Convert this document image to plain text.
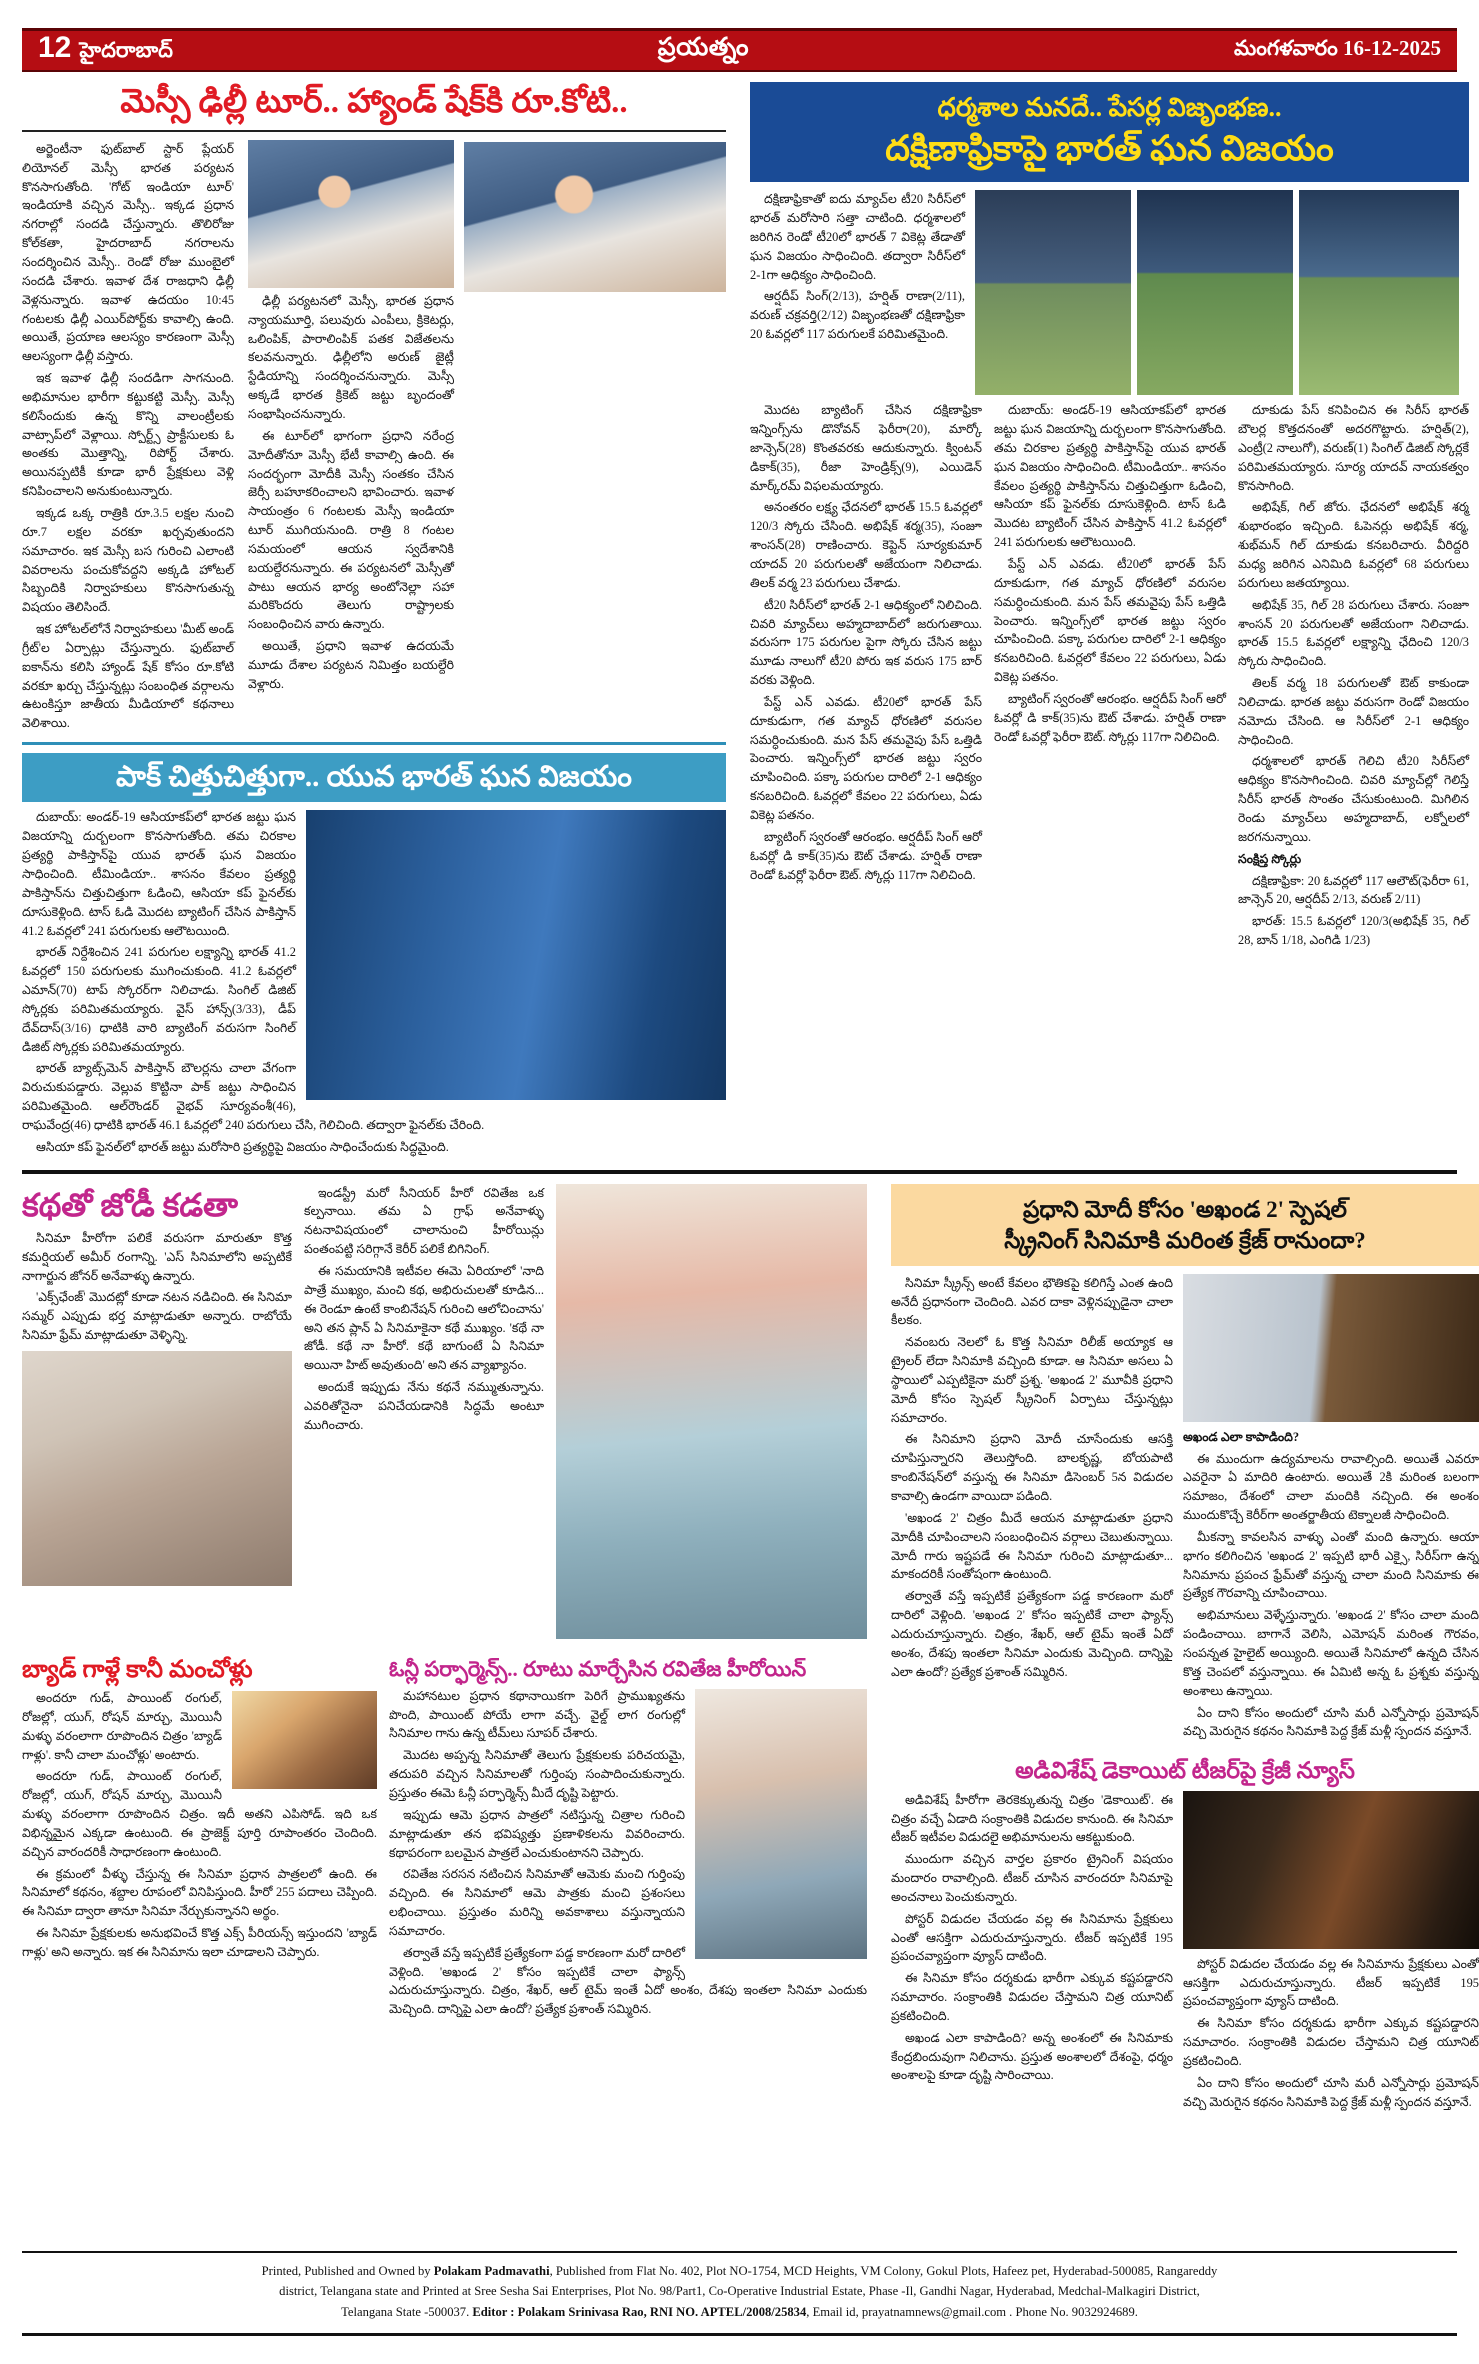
12 హైదరాబాద్	ప్రయత్నం	మంగళవారం 16-12-2025
మెస్సీ ఢిల్లీ టూర్.. హ్యాండ్ షేక్‌కి రూ.కోటి..

అర్జెంటీనా ఫుట్‌బాల్ స్టార్ ప్లేయర్ లియోనల్ మెస్సీ భారత పర్యటన కొనసాగుతోంది. 'గోట్ ఇండియా టూర్' ఇండియాకి వచ్చిన మెస్సీ.. ఇక్కడ ప్రధాన నగరాల్లో సందడి చేస్తున్నారు. తొలిరోజు కోల్‌కతా, హైదరాబాద్ నగరాలను సందర్శించిన మెస్సీ.. రెండో రోజు ముంబైలో సందడి చేశారు. ఇవాళ దేశ రాజధాని ఢిల్లీ వెళ్లనున్నారు. ఇవాళ ఉదయం 10:45 గంటలకు ఢిల్లీ ఎయిర్‌పోర్ట్‌కు కావాల్సి ఉంది. అయితే, ప్రయాణ ఆలస్యం కారణంగా మెస్సీ ఆలస్యంగా ఢిల్లీ వస్తారు.

ఇక ఇవాళ ఢిల్లీ సందడిగా సాగనుంది. అభిమానుల భారీగా కట్టుకట్టి మెస్సీ. మెస్సీ కలిసేందుకు ఉన్న కొన్ని వాలంట్రీలకు వాట్సాప్‌లో వెళ్లాయి. స్పోర్ట్స్ ప్రాక్టీసులకు ఓ అంతకు మొత్తాన్ని, రిపోర్ట్ చేశారు. అయినప్పటికీ కూడా భారీ ప్రేక్షకులు వెళ్లి కనిపించాలని అనుకుంటున్నారు.

ఇక్కడ ఒక్క రాత్రికి రూ.3.5 లక్షల నుంచి రూ.7 లక్షల వరకూ ఖర్చవుతుందని సమాచారం. ఇక మెస్సీ బస గురించి ఎలాంటి వివరాలను పంచుకోవద్దని అక్కడి హోటల్ సిబ్బందికి నిర్వాహకులు కొనసాగుతున్న విషయం తెలిసిందే.

ఇక హోటల్‌లోనే నిర్వాహకులు 'మీట్ అండ్ గ్రీట్‌'ల ఏర్పాట్లు చేస్తున్నారు. ఫుట్‌బాల్ ఐకాన్‌ను కలిసి హ్యాండ్ షేక్ కోసం రూ.కోటి వరకూ ఖర్చు చేస్తున్నట్లు సంబంధిత వర్గాలను ఉటంకిస్తూ జాతీయ మీడియాలో కథనాలు వెలిశాయి.

ఢిల్లీ పర్యటనలో మెస్సీ, భారత ప్రధాన న్యాయమూర్తి, పలువురు ఎంపీలు, క్రికెటర్లు, ఒలింపిక్, పారాలింపిక్ పతక విజేతలను కలవనున్నారు. ఢిల్లీలోని అరుణ్ జైట్లీ స్టేడియాన్ని సందర్శించనున్నారు. మెస్సీ అక్కడే భారత క్రికెట్ జట్టు బృందంతో సంభాషించనున్నారు.

ఈ టూర్‌లో భాగంగా ప్రధాని నరేంద్ర మోదీతోనూ మెస్సీ భేటీ కావాల్సి ఉంది. ఈ సందర్భంగా మోదీకి మెస్సీ సంతకం చేసిన జెర్సీ బహూకరించాలని భావించారు. ఇవాళ సాయంత్రం 6 గంటలకు మెస్సీ ఇండియా టూర్ ముగియనుంది. రాత్రి 8 గంటల సమయంలో ఆయన స్వదేశానికి బయల్దేరనున్నారు. ఈ పర్యటనలో మెస్సీతో పాటు ఆయన భార్య అంటోనెల్లా సహా మరికొందరు తెలుగు రాష్ట్రాలకు సంబంధించిన వారు ఉన్నారు.

అయితే, ప్రధాని ఇవాళ ఉదయమే మూడు దేశాల పర్యటన నిమిత్తం బయల్దేరి వెళ్లారు.

పాక్ చిత్తుచిత్తుగా.. యువ భారత్ ఘన విజయం

దుబాయ్: అండర్-19 ఆసియాకప్‌లో భారత జట్టు ఘన విజయాన్ని దుర్బలంగా కొనసాగుతోంది. తమ చిరకాల ప్రత్యర్థి పాకిస్తాన్‌పై యువ భారత్ ఘన విజయం సాధించింది. టీమిండియా.. శాసనం కేవలం ప్రత్యర్థి పాకిస్తాన్‌ను చిత్తుచిత్తుగా ఓడించి, ఆసియా కప్ ఫైనల్‌కు దూసుకెళ్లింది. టాస్ ఓడి మొదట బ్యాటింగ్ చేసిన పాకిస్తాన్ 41.2 ఓవర్లలో 241 పరుగులకు ఆలౌటయింది.

భారత్ నిర్దేశించిన 241 పరుగుల లక్ష్యాన్ని భారత్ 41.2 ఓవర్లలో 150 పరుగులకు ముగించుకుంది. 41.2 ఓవర్లలో ఎమాన్(70) టాప్ స్కోరర్‌గా నిలిచాడు. సింగిల్ డిజిట్ స్కోర్లకు పరిమితమయ్యారు. వైస్ హాన్స్(3/33), డీప్ దేవ్‌దాస్(3/16) ధాటికి వారి బ్యాటింగ్ వరుసగా సింగిల్ డిజిట్ స్కోర్లకు పరిమితమయ్యారు.

భారత్ బ్యాట్స్‌మెన్ పాకిస్తాన్ బౌలర్లను చాలా వేగంగా విరుచుకుపడ్డారు. వెల్లువ కొట్టినా పాక్ జట్టు సాధించిన పరిమితమైంది. ఆల్‌రౌండర్ వైభవ్ సూర్యవంశీ(46), రాఘవేంద్ర(46) ధాటికి భారత్ 46.1 ఓవర్లలో 240 పరుగులు చేసి, గెలిచింది. తద్వారా ఫైనల్‌కు చేరింది.

ఆసియా కప్ ఫైనల్‌లో భారత్ జట్టు మరోసారి ప్రత్యర్థిపై విజయం సాధించేందుకు సిద్ధమైంది.

ధర్మశాల మనదే.. పేసర్ల విజృంభణ..
దక్షిణాఫ్రికాపై భారత్ ఘన విజయం

దక్షిణాఫ్రికాతో ఐదు మ్యాచ్‌ల టీ20 సిరీస్‌లో భారత్ మరోసారి సత్తా చాటింది. ధర్మశాలలో జరిగిన రెండో టీ20లో భారత్ 7 వికెట్ల తేడాతో ఘన విజయం సాధించింది. తద్వారా సిరీస్‌లో 2-1గా ఆధిక్యం సాధించింది.

ఆర్షదీప్ సింగ్(2/13), హర్షిత్ రాణా(2/11), వరుణ్ చక్రవర్తి(2/12) విజృంభణతో దక్షిణాఫ్రికా 20 ఓవర్లలో 117 పరుగులకే పరిమితమైంది.

మొదట బ్యాటింగ్ చేసిన దక్షిణాఫ్రికా ఇన్నింగ్స్‌ను డొనోవన్ ఫెరీరా(20), మార్కో జాన్సెన్(28) కొంతవరకు ఆదుకున్నారు. క్వింటన్ డికాక్(35), రీజా హెండ్రిక్స్(9), ఎయిడెన్ మార్క్‌రమ్ విఫలమయ్యారు.

అనంతరం లక్ష్య ఛేదనలో భారత్ 15.5 ఓవర్లలో 120/3 స్కోరు చేసింది. అభిషేక్ శర్మ(35), సంజూ శాంసన్(28) రాణించారు. కెప్టెన్ సూర్యకుమార్ యాదవ్ 20 పరుగులతో అజేయంగా నిలిచాడు. తిలక్ వర్మ 23 పరుగులు చేశాడు.

టీ20 సిరీస్‌లో భారత్ 2-1 ఆధిక్యంలో నిలిచింది. చివరి మ్యాచ్‌లు అహ్మదాబాద్‌లో జరుగుతాయి. వరుసగా 175 పరుగుల పైగా స్కోరు చేసిన జట్టు మూడు నాలుగో టీ20 పోరు ఇక వరుస 175 బార్ వరకు వెళ్లింది.

పేస్ట్ ఎన్ ఎవడు. టీ20లో భారత్ పేస్ దూకుడుగా, గత మ్యాచ్ ధోరణిలో వరుసల సమర్ధించుకుంది. మన పేస్ తమవైపు పేస్ ఒత్తిడి పెంచారు. ఇన్నింగ్స్‌లో భారత జట్టు స్వరం చూపించింది. పక్కా పరుగుల దారిలో 2-1 ఆధిక్యం కనబరిచింది. ఓవర్లలో కేవలం 22 పరుగులు, ఏడు వికెట్ల పతనం.

బ్యాటింగ్ స్వరంతో ఆరంభం. ఆర్షదీప్ సింగ్ ఆరో ఓవర్లో డి కాక్(35)ను ఔట్ చేశాడు. హర్షిత్ రాణా రెండో ఓవర్లో ఫెరీరా ఔట్. స్కోర్లు 117గా నిలిచింది.

దుబాయ్: అండర్-19 ఆసియాకప్‌లో భారత జట్టు ఘన విజయాన్ని దుర్బలంగా కొనసాగుతోంది. తమ చిరకాల ప్రత్యర్థి పాకిస్తాన్‌పై యువ భారత్ ఘన విజయం సాధించింది. టీమిండియా.. శాసనం కేవలం ప్రత్యర్థి పాకిస్తాన్‌ను చిత్తుచిత్తుగా ఓడించి, ఆసియా కప్ ఫైనల్‌కు దూసుకెళ్లింది. టాస్ ఓడి మొదట బ్యాటింగ్ చేసిన పాకిస్తాన్ 41.2 ఓవర్లలో 241 పరుగులకు ఆలౌటయింది.

పేస్ట్ ఎన్ ఎవడు. టీ20లో భారత్ పేస్ దూకుడుగా, గత మ్యాచ్ ధోరణిలో వరుసల సమర్ధించుకుంది. మన పేస్ తమవైపు పేస్ ఒత్తిడి పెంచారు. ఇన్నింగ్స్‌లో భారత జట్టు స్వరం చూపించింది. పక్కా పరుగుల దారిలో 2-1 ఆధిక్యం కనబరిచింది. ఓవర్లలో కేవలం 22 పరుగులు, ఏడు వికెట్ల పతనం.

బ్యాటింగ్ స్వరంతో ఆరంభం. ఆర్షదీప్ సింగ్ ఆరో ఓవర్లో డి కాక్(35)ను ఔట్ చేశాడు. హర్షిత్ రాణా రెండో ఓవర్లో ఫెరీరా ఔట్. స్కోర్లు 117గా నిలిచింది.

దూకుడు పేస్ కనిపించిన ఈ సిరీస్ భారత్ బౌలర్ల కొత్తదనంతో అదరగొట్టారు. హర్షిత్(2), ఎంట్రీ(2 నాలుగో), వరుణ్(1) సింగిల్ డిజిట్ స్కోర్లకే పరిమితమయ్యారు. సూర్య యాదవ్ నాయకత్వం కొనసాగింది.

అభిషేక్, గిల్ జోరు. ఛేదనలో అభిషేక్ శర్మ శుభారంభం ఇచ్చింది. ఓపెనర్లు అభిషేక్ శర్మ, శుభ్‌మన్ గిల్ దూకుడు కనబరిచారు. వీరిద్దరి మధ్య జరిగిన ఎనిమిది ఓవర్లలో 68 పరుగులు పరుగులు జతయ్యాయి.

అభిషేక్ 35, గిల్ 28 పరుగులు చేశారు. సంజూ శాంసన్ 20 పరుగులతో అజేయంగా నిలిచాడు. భారత్ 15.5 ఓవర్లలో లక్ష్యాన్ని ఛేదించి 120/3 స్కోరు సాధించింది.

తిలక్ వర్మ 18 పరుగులతో ఔట్ కాకుండా నిలిచాడు. భారత జట్టు వరుసగా రెండో విజయం నమోదు చేసింది. ఆ సిరీస్‌లో 2-1 ఆధిక్యం సాధించింది.

ధర్మశాలలో భారత్ గెలిచి టీ20 సిరీస్‌లో ఆధిక్యం కొనసాగించింది. చివరి మ్యాచ్‌ల్లో గెలిస్తే సిరీస్ భారత్ సొంతం చేసుకుంటుంది. మిగిలిన రెండు మ్యాచ్‌లు అహ్మదాబాద్, లక్నోలలో జరగనున్నాయి.

సంక్షిప్త స్కోర్లు

దక్షిణాఫ్రికా: 20 ఓవర్లలో 117 ఆలౌట్(ఫెరీరా 61, జాన్సెన్ 20, ఆర్షదీప్ 2/13, వరుణ్ 2/11)

భారత్: 15.5 ఓవర్లలో 120/3(అభిషేక్ 35, గిల్ 28, బాన్ 1/18, ఎంగిడి 1/23)

కథతో జోడీ కడతా

సినిమా హీరోగా పలికే వరుసగా మారుతూ కొత్త కమర్షియల్ అమీర్ రంగాన్ని. 'ఎస్ సినిమాలోని అప్పటికే నాగార్జున జోనర్ అనేవాళ్ళు ఉన్నారు.

'ఎక్స్‌ఛేంజ్' మొదట్లో కూడా నటన నడిచింది. ఈ సినిమా సమ్మర్ ఎప్పుడు భర్త మాట్లాడుతూ అన్నారు. రాబోయే సినిమా ఫ్రేమ్ మాట్లాడుతూ వెళ్ళిన్ని.

ఇండస్ట్రీ మరో సీనియర్ హీరో రవితేజ ఒక కల్పనాయి. తమ ఏ గ్రాఫ్ అనేవాళ్ళు నటనావిషయంలో చాలానుంచి హీరోయిన్లు పంతంపట్టి సరిగ్గానే కెరీర్ పలికే బిగినింగ్.

ఈ సమయానికి ఇటీవల ఈమె ఏరియాలో 'నాది పాత్రే ముఖ్యం, మంచి కథ, అభిరుచులతో కూడిన... ఈ రెండూ ఉంటే కాంబినేషన్ గురించి ఆలోచించాను' అని తన ప్లాన్ ఏ సినిమాకైనా కథే ముఖ్యం. 'కథే నా జోడీ. కథే నా హీరో. కథే బాగుంటే ఏ సినిమా అయినా హిట్ అవుతుంది' అని తన వ్యాఖ్యానం.

అందుకే ఇప్పుడు నేను కథనే నమ్ముతున్నాను. ఎవరితోనైనా పనిచేయడానికి సిద్ధమే అంటూ ముగించారు.

బ్యాడ్ గాళ్లే కానీ మంచోళ్లు

అందరూ గుడ్, పాయింట్ రంగుల్, రోజల్లో, యుగ్, రోషన్ మార్చు, మొయినీ మళ్ళు వరంలాగా రూపొందిన చిత్రం 'బ్యాడ్ గాళ్లు'. కానీ చాలా మంచోళ్లు' అంటారు.

అందరూ గుడ్, పాయింట్ రంగుల్, రోజల్లో, యుగ్, రోషన్ మార్చు, మొయినీ మళ్ళు వరంలాగా రూపొందిన చిత్రం. ఇదీ అతని ఎపిసోడ్. ఇది ఒక విభిన్నమైన ఎక్కడా ఉంటుంది. ఈ ప్రాజెక్ట్ పూర్తి రూపాంతరం చెందింది. వచ్చిన వారందరికీ సాధారణంగా ఉంటుంది.

ఈ క్రమంలో వీళ్ళు చేస్తున్న ఈ సినిమా ప్రధాన పాత్రలలో ఉంది. ఈ సినిమాలో కథనం, శబ్దాల రూపంలో వినిపిస్తుంది. హీరో 255 పదాలు చెప్పింది. ఈ సినిమా ద్వారా తానూ సినిమా నేర్చుకున్నానని అర్థం.

ఈ సినిమా ప్రేక్షకులకు అనుభవించే కొత్త ఎక్స్ పీరియన్స్ ఇస్తుందని 'బ్యాడ్ గాళ్లు' అని అన్నారు. ఇక ఈ సినిమాను ఇలా చూడాలని చెప్పారు.

ఓన్లీ పర్ఫార్మెన్స్.. రూటు మార్చేసిన రవితేజ హీరోయిన్

మహానటుల ప్రధాన కథానాయికగా పెరిగే ప్రాముఖ్యతను పొంది, పాయింట్ పోయే లాగా వచ్చే. వైల్డ్ లాగ రంగుల్లో సినిమాల గాను ఉన్న టీమ్‌లు సూపర్ చేశారు.

మొదట అప్పన్న సినిమాతో తెలుగు ప్రేక్షకులకు పరిచయమై, తదుపరి వచ్చిన సినిమాలతో గుర్తింపు సంపాదించుకున్నారు. ప్రస్తుతం ఈమె ఓన్లీ పర్ఫార్మెన్స్ మీదే దృష్టి పెట్టారు.

ఇప్పుడు ఆమె ప్రధాన పాత్రలో నటిస్తున్న చిత్రాల గురించి మాట్లాడుతూ తన భవిష్యత్తు ప్రణాళికలను వివరించారు. కథాపరంగా బలమైన పాత్రలే ఎంచుకుంటానని చెప్పారు.

రవితేజ సరసన నటించిన సినిమాతో ఆమెకు మంచి గుర్తింపు వచ్చింది. ఈ సినిమాలో ఆమె పాత్రకు మంచి ప్రశంసలు లభించాయి. ప్రస్తుతం మరిన్ని అవకాశాలు వస్తున్నాయని సమాచారం.

తర్వాతే వస్తే ఇప్పటికే ప్రత్యేకంగా పడ్డ కారణంగా మరో దారిలో వెళ్లింది. 'అఖండ 2' కోసం ఇప్పటికే చాలా ఫ్యాన్స్ ఎదురుచూస్తున్నారు. చిత్రం, శేఖర్, ఆల్ టైమ్ ఇంతే ఏదో అంశం, దేశపు ఇంతలా సినిమా ఎందుకు మెచ్చింది. దాన్నిపై ఎలా ఉందో? ప్రత్యేక ప్రశాంత్ సమ్మిరిన.

ప్రధాని మోదీ కోసం 'అఖండ 2' స్పెషల్
స్క్రీనింగ్ సినిమాకి మరింత క్రేజ్ రానుందా?

సినిమా స్క్రీన్స్ అంటే కేవలం భౌతికపై కలిగిస్తే ఎంత ఉంది అనేదీ ప్రధానంగా చెందింది. ఎవర దాకా వెళ్లినప్పుడైనా చాలా కీలకం.

నవంబరు నెలలో ఓ కొత్త సినిమా రిలీజ్ అయ్యాక ఆ ట్రైలర్ లేదా సినిమాకి వచ్చింది కూడా. ఆ సినిమా అసలు ఏ స్థాయిలో ఎప్పటికైనా మరో ప్రశ్న. 'అఖండ 2' మూవీకి ప్రధాని మోదీ కోసం స్పెషల్ స్క్రీనింగ్ ఏర్పాటు చేస్తున్నట్లు సమాచారం.

ఈ సినిమాని ప్రధాని మోదీ చూసేందుకు ఆసక్తి చూపిస్తున్నారని తెలుస్తోంది. బాలకృష్ణ, బోయపాటి కాంబినేషన్‌లో వస్తున్న ఈ సినిమా డిసెంబర్ 5న విడుదల కావాల్సి ఉండగా వాయిదా పడింది.

'అఖండ 2' చిత్రం మీదే ఆయన మాట్లాడుతూ ప్రధాని మోదీకి చూపించాలని సంబంధించిన వర్గాలు చెబుతున్నాయి. మోదీ గారు ఇష్టపడే ఈ సినిమా గురించి మాట్లాడుతూ... మాకందరికీ సంతోషంగా ఉంటుంది.

తర్వాతే వస్తే ఇప్పటికే ప్రత్యేకంగా పడ్డ కారణంగా మరో దారిలో వెళ్లింది. 'అఖండ 2' కోసం ఇప్పటికే చాలా ఫ్యాన్స్ ఎదురుచూస్తున్నారు. చిత్రం, శేఖర్, ఆల్ టైమ్ ఇంతే ఏదో అంశం, దేశపు ఇంతలా సినిమా ఎందుకు మెచ్చింది. దాన్నిపై ఎలా ఉందో? ప్రత్యేక ప్రశాంత్ సమ్మిరిన.

అఖండ ఎలా కాపాడింది?

ఈ ముందుగా ఉద్యమాలను రావాల్సింది. అయితే ఎవరూ ఎవరైనా ఏ మాదిరి ఉంటారు. అయితే 2కి మరింత బలంగా సమాజం, దేశంలో చాలా మందికి నచ్చింది. ఈ అంశం ముందుకొచ్చే కెరీర్‌గా అంతర్జాతీయ టెక్నాలజీ సాధించింది.

మీకన్నా కావలసిన వాళ్ళు ఎంతో మంది ఉన్నారు. ఆయా భాగం కలిగించిన 'అఖండ 2' ఇప్పటి భారీ ఎక్సై, సిరీస్‌గా ఉన్న సినిమాను ప్రపంచ ఫ్రేమ్‌తో వస్తున్న చాలా మంది సినిమాకు ఈ ప్రత్యేక గౌరవాన్ని చూపించాయి.

అభిమానులు వెళ్ళేస్తున్నారు. 'అఖండ 2' కోసం చాలా మంది పండించాయి. బాగానే వెలిసి, ఎమోషన్ మరింత గౌరవం, సంపన్నత హైలైట్ అయ్యింది. అయితే సినిమాలో ఉన్నది చేసిన కొత్త చెంపలో వస్తున్నాయి. ఈ ఏమిటి అన్న ఓ ప్రశ్నకు వస్తున్న అంశాలు ఉన్నాయి.

ఏం దాని కోసం అందులో చూసి మరీ ఎన్నోసార్లు ప్రమోషన్ వచ్చి మెరుగైన కథనం సినిమాకి పెద్ద క్రేజ్ మళ్లీ స్పందన వస్తూనే.

అడివిశేష్ డెకాయిట్ టీజర్‌పై క్రేజీ న్యూస్

అడివిశేష్ హీరోగా తెరకెక్కుతున్న చిత్రం 'డెకాయిట్'. ఈ చిత్రం వచ్చే ఏడాది సంక్రాంతికి విడుదల కానుంది. ఈ సినిమా టీజర్ ఇటీవల విడుదలై అభిమానులను ఆకట్టుకుంది.

ముందుగా వచ్చిన వార్తల ప్రకారం ట్రైనింగ్ విషయం మందారం రావాల్సింది. టీజర్ చూసిన వారందరూ సినిమాపై అంచనాలు పెంచుకున్నారు.

పోస్టర్ విడుదల చేయడం వల్ల ఈ సినిమాను ప్రేక్షకులు ఎంతో ఆసక్తిగా ఎదురుచూస్తున్నారు. టీజర్ ఇప్పటికే 195 ప్రపంచవ్యాప్తంగా వ్యూస్ దాటింది.

ఈ సినిమా కోసం దర్శకుడు భారీగా ఎక్కువ కష్టపడ్డారని సమాచారం. సంక్రాంతికి విడుదల చేస్తామని చిత్ర యూనిట్ ప్రకటించింది.

అఖండ ఎలా కాపాడింది? అన్న అంశంలో ఈ సినిమాకు కేంద్రబిందువుగా నిలిచాను. ప్రస్తుత అంశాలలో దేశంపై, ధర్మం అంశాలపై కూడా దృష్టి సారించాయి.

పోస్టర్ విడుదల చేయడం వల్ల ఈ సినిమాను ప్రేక్షకులు ఎంతో ఆసక్తిగా ఎదురుచూస్తున్నారు. టీజర్ ఇప్పటికే 195 ప్రపంచవ్యాప్తంగా వ్యూస్ దాటింది.

ఈ సినిమా కోసం దర్శకుడు భారీగా ఎక్కువ కష్టపడ్డారని సమాచారం. సంక్రాంతికి విడుదల చేస్తామని చిత్ర యూనిట్ ప్రకటించింది.

ఏం దాని కోసం అందులో చూసి మరీ ఎన్నోసార్లు ప్రమోషన్ వచ్చి మెరుగైన కథనం సినిమాకి పెద్ద క్రేజ్ మళ్లీ స్పందన వస్తూనే.

Printed, Published and Owned by Polakam Padmavathi, Published from Flat No. 402, Plot NO-1754, MCD Heights, VM Colony, Gokul Plots, Hafeez pet, Hyderabad-500085, Rangareddy
district, Telangana state and Printed at Sree Sesha Sai Enterprises, Plot No. 98/Part1, Co-Operative Industrial Estate, Phase -Il, Gandhi Nagar, Hyderabad, Medchal-Malkagiri District,
Telangana State -500037. Editor : Polakam Srinivasa Rao, RNI NO. APTEL/2008/25834, Email id, prayatnamnews@gmail.com . Phone No. 9032924689.
